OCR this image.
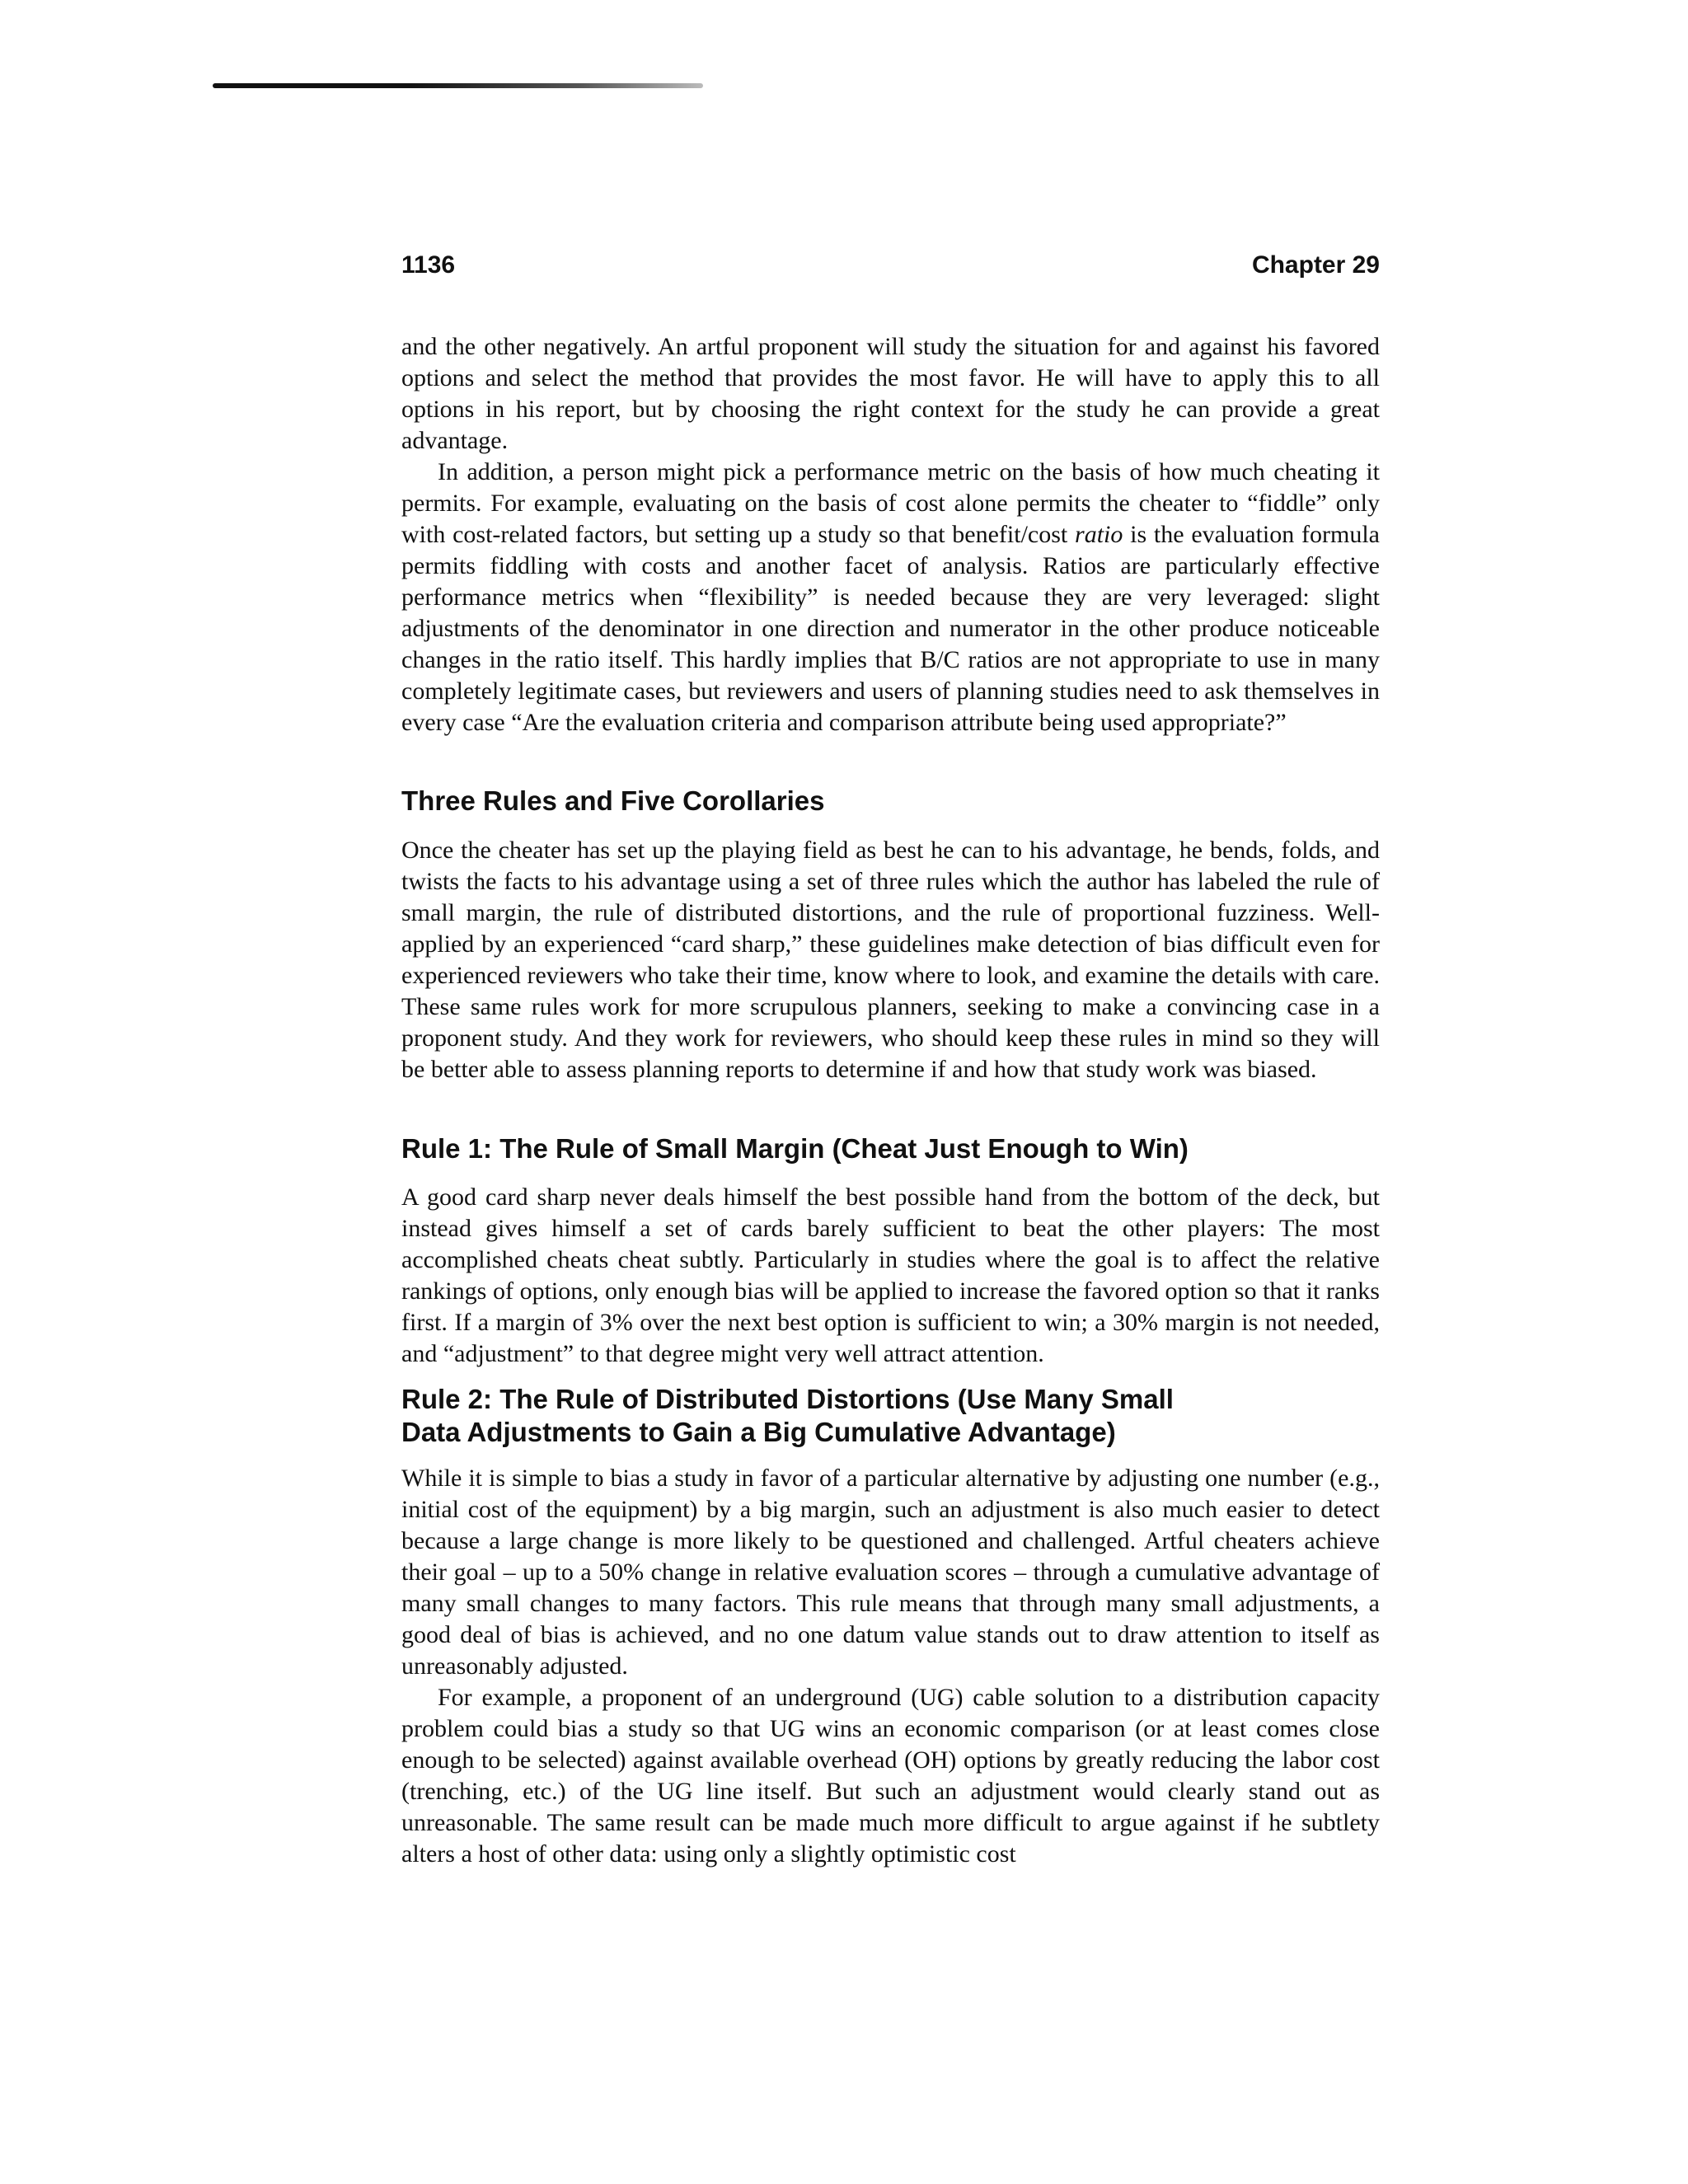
1136	Chapter 29

and the other negatively. An artful proponent will study the situation for and against his favored options and select the method that provides the most favor. He will have to apply this to all options in his report, but by choosing the right context for the study he can provide a great advantage.

In addition, a person might pick a performance metric on the basis of how much cheating it permits. For example, evaluating on the basis of cost alone permits the cheater to “fiddle” only with cost-related factors, but setting up a study so that benefit/cost ratio is the evaluation formula permits fiddling with costs and another facet of analysis. Ratios are particularly effective performance metrics when “flexibility” is needed because they are very leveraged: slight adjustments of the denominator in one direction and numerator in the other produce noticeable changes in the ratio itself. This hardly implies that B/C ratios are not appropriate to use in many completely legitimate cases, but reviewers and users of planning studies need to ask themselves in every case “Are the evaluation criteria and comparison attribute being used appropriate?”

Three Rules and Five Corollaries

Once the cheater has set up the playing field as best he can to his advantage, he bends, folds, and twists the facts to his advantage using a set of three rules which the author has labeled the rule of small margin, the rule of distributed distortions, and the rule of proportional fuzziness. Well-applied by an experienced “card sharp,” these guidelines make detection of bias difficult even for experienced reviewers who take their time, know where to look, and examine the details with care. These same rules work for more scrupulous planners, seeking to make a convincing case in a proponent study. And they work for reviewers, who should keep these rules in mind so they will be better able to assess planning reports to determine if and how that study work was biased.

Rule 1: The Rule of Small Margin (Cheat Just Enough to Win)

A good card sharp never deals himself the best possible hand from the bottom of the deck, but instead gives himself a set of cards barely sufficient to beat the other players: The most accomplished cheats cheat subtly. Particularly in studies where the goal is to affect the relative rankings of options, only enough bias will be applied to increase the favored option so that it ranks first. If a margin of 3% over the next best option is sufficient to win; a 30% margin is not needed, and “adjustment” to that degree might very well attract attention.

Rule 2: The Rule of Distributed Distortions (Use Many Small
Data Adjustments to Gain a Big Cumulative Advantage)

While it is simple to bias a study in favor of a particular alternative by adjusting one number (e.g., initial cost of the equipment) by a big margin, such an adjustment is also much easier to detect because a large change is more likely to be questioned and challenged. Artful cheaters achieve their goal – up to a 50% change in relative evaluation scores – through a cumulative advantage of many small changes to many factors. This rule means that through many small adjustments, a good deal of bias is achieved, and no one datum value stands out to draw attention to itself as unreasonably adjusted.

For example, a proponent of an underground (UG) cable solution to a distribution capacity problem could bias a study so that UG wins an economic comparison (or at least comes close enough to be selected) against available overhead (OH) options by greatly reducing the labor cost (trenching, etc.) of the UG line itself. But such an adjustment would clearly stand out as unreasonable. The same result can be made much more difficult to argue against if he subtlety alters a host of other data: using only a slightly optimistic cost
